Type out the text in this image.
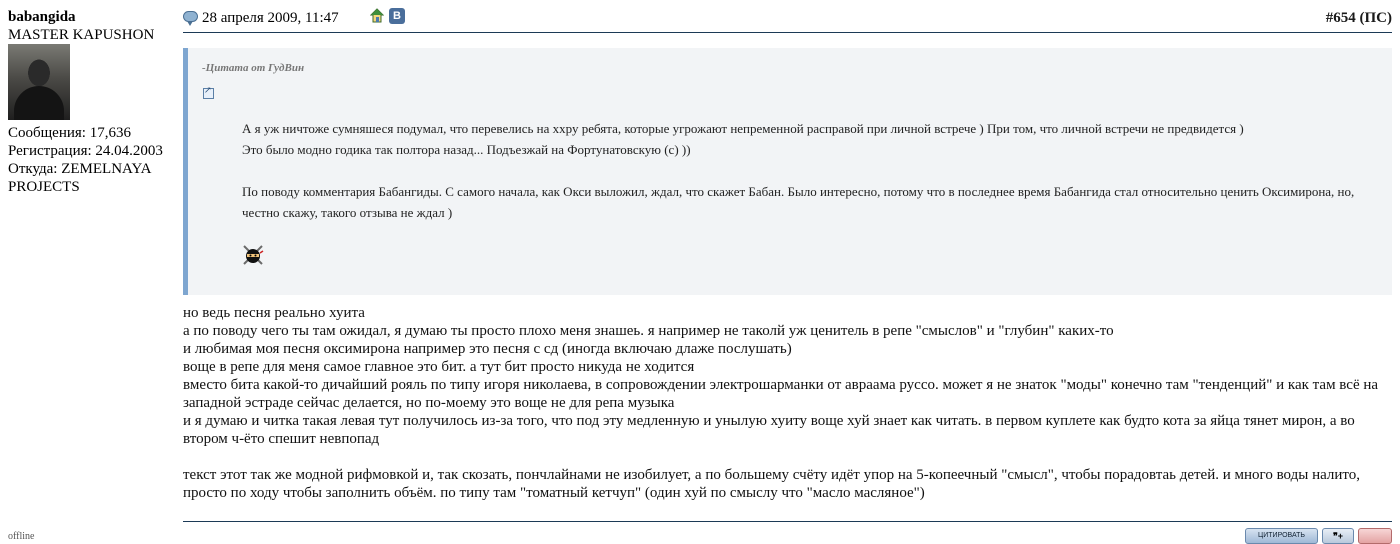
babangida
MASTER KAPUSHON
Сообщения: 17,636
Регистрация: 24.04.2003
Откуда: ZEMELNAYA
PROJECTS
offline
28 апреля 2009, 11:47	B	#654 (ПС)
-Цитата от ГудВин
↗

А я уж ничтоже сумняшеся подумал, что перевелись на ххру ребята, которые угрожают непременной расправой при личной встрече ) При том, что личной встречи не предвидется )

Это было модно годика так полтора назад... Подъезжай на Фортунатовскую (с) ))

По поводу комментария Бабангиды. С самого начала, как Окси выложил, ждал, что скажет Бабан. Было интересно, потому что в последнее время Бабангида стал относительно ценить Оксимирона, но, честно скажу, такого отзыва не ждал )

но ведь песня реально хуита

а по поводу чего ты там ожидал, я думаю ты просто плохо меня знашеь. я например не таколй уж ценитель в репе "смыслов" и "глубин" каких-то

и любимая моя песня оксимирона например это песня с сд (иногда включаю длаже послушать)

воще в репе для меня самое главное это бит. а тут бит просто никуда не ходится

вместо бита какой-то дичайший рояль по типу игоря николаева, в сопровождении электрошарманки от авраама руссо. может я не знаток "моды" конечно там "тенденций" и как там всё на западной эстраде сейчас делается, но по-моему это воще не для репа музыка

и я думаю и читка такая левая тут получилось из-за того, что под эту медленную и унылую хуиту воще хуй знает как читать. в первом куплете как будто кота за яйца тянет мирон, а во втором ч-ёто спешит невпопад

текст этот так же модной рифмовкой и, так скозать, пончлайнами не изобилует, а по большему счёту идёт упор на 5-копеечный "смысл", чтобы порадовтаь детей. и много воды налито, просто по ходу чтобы заполнить объём. по типу там "томатный кетчуп" (один хуй по смыслу что "масло масляное")

ЦИТИРОВАТЬ	❞+
